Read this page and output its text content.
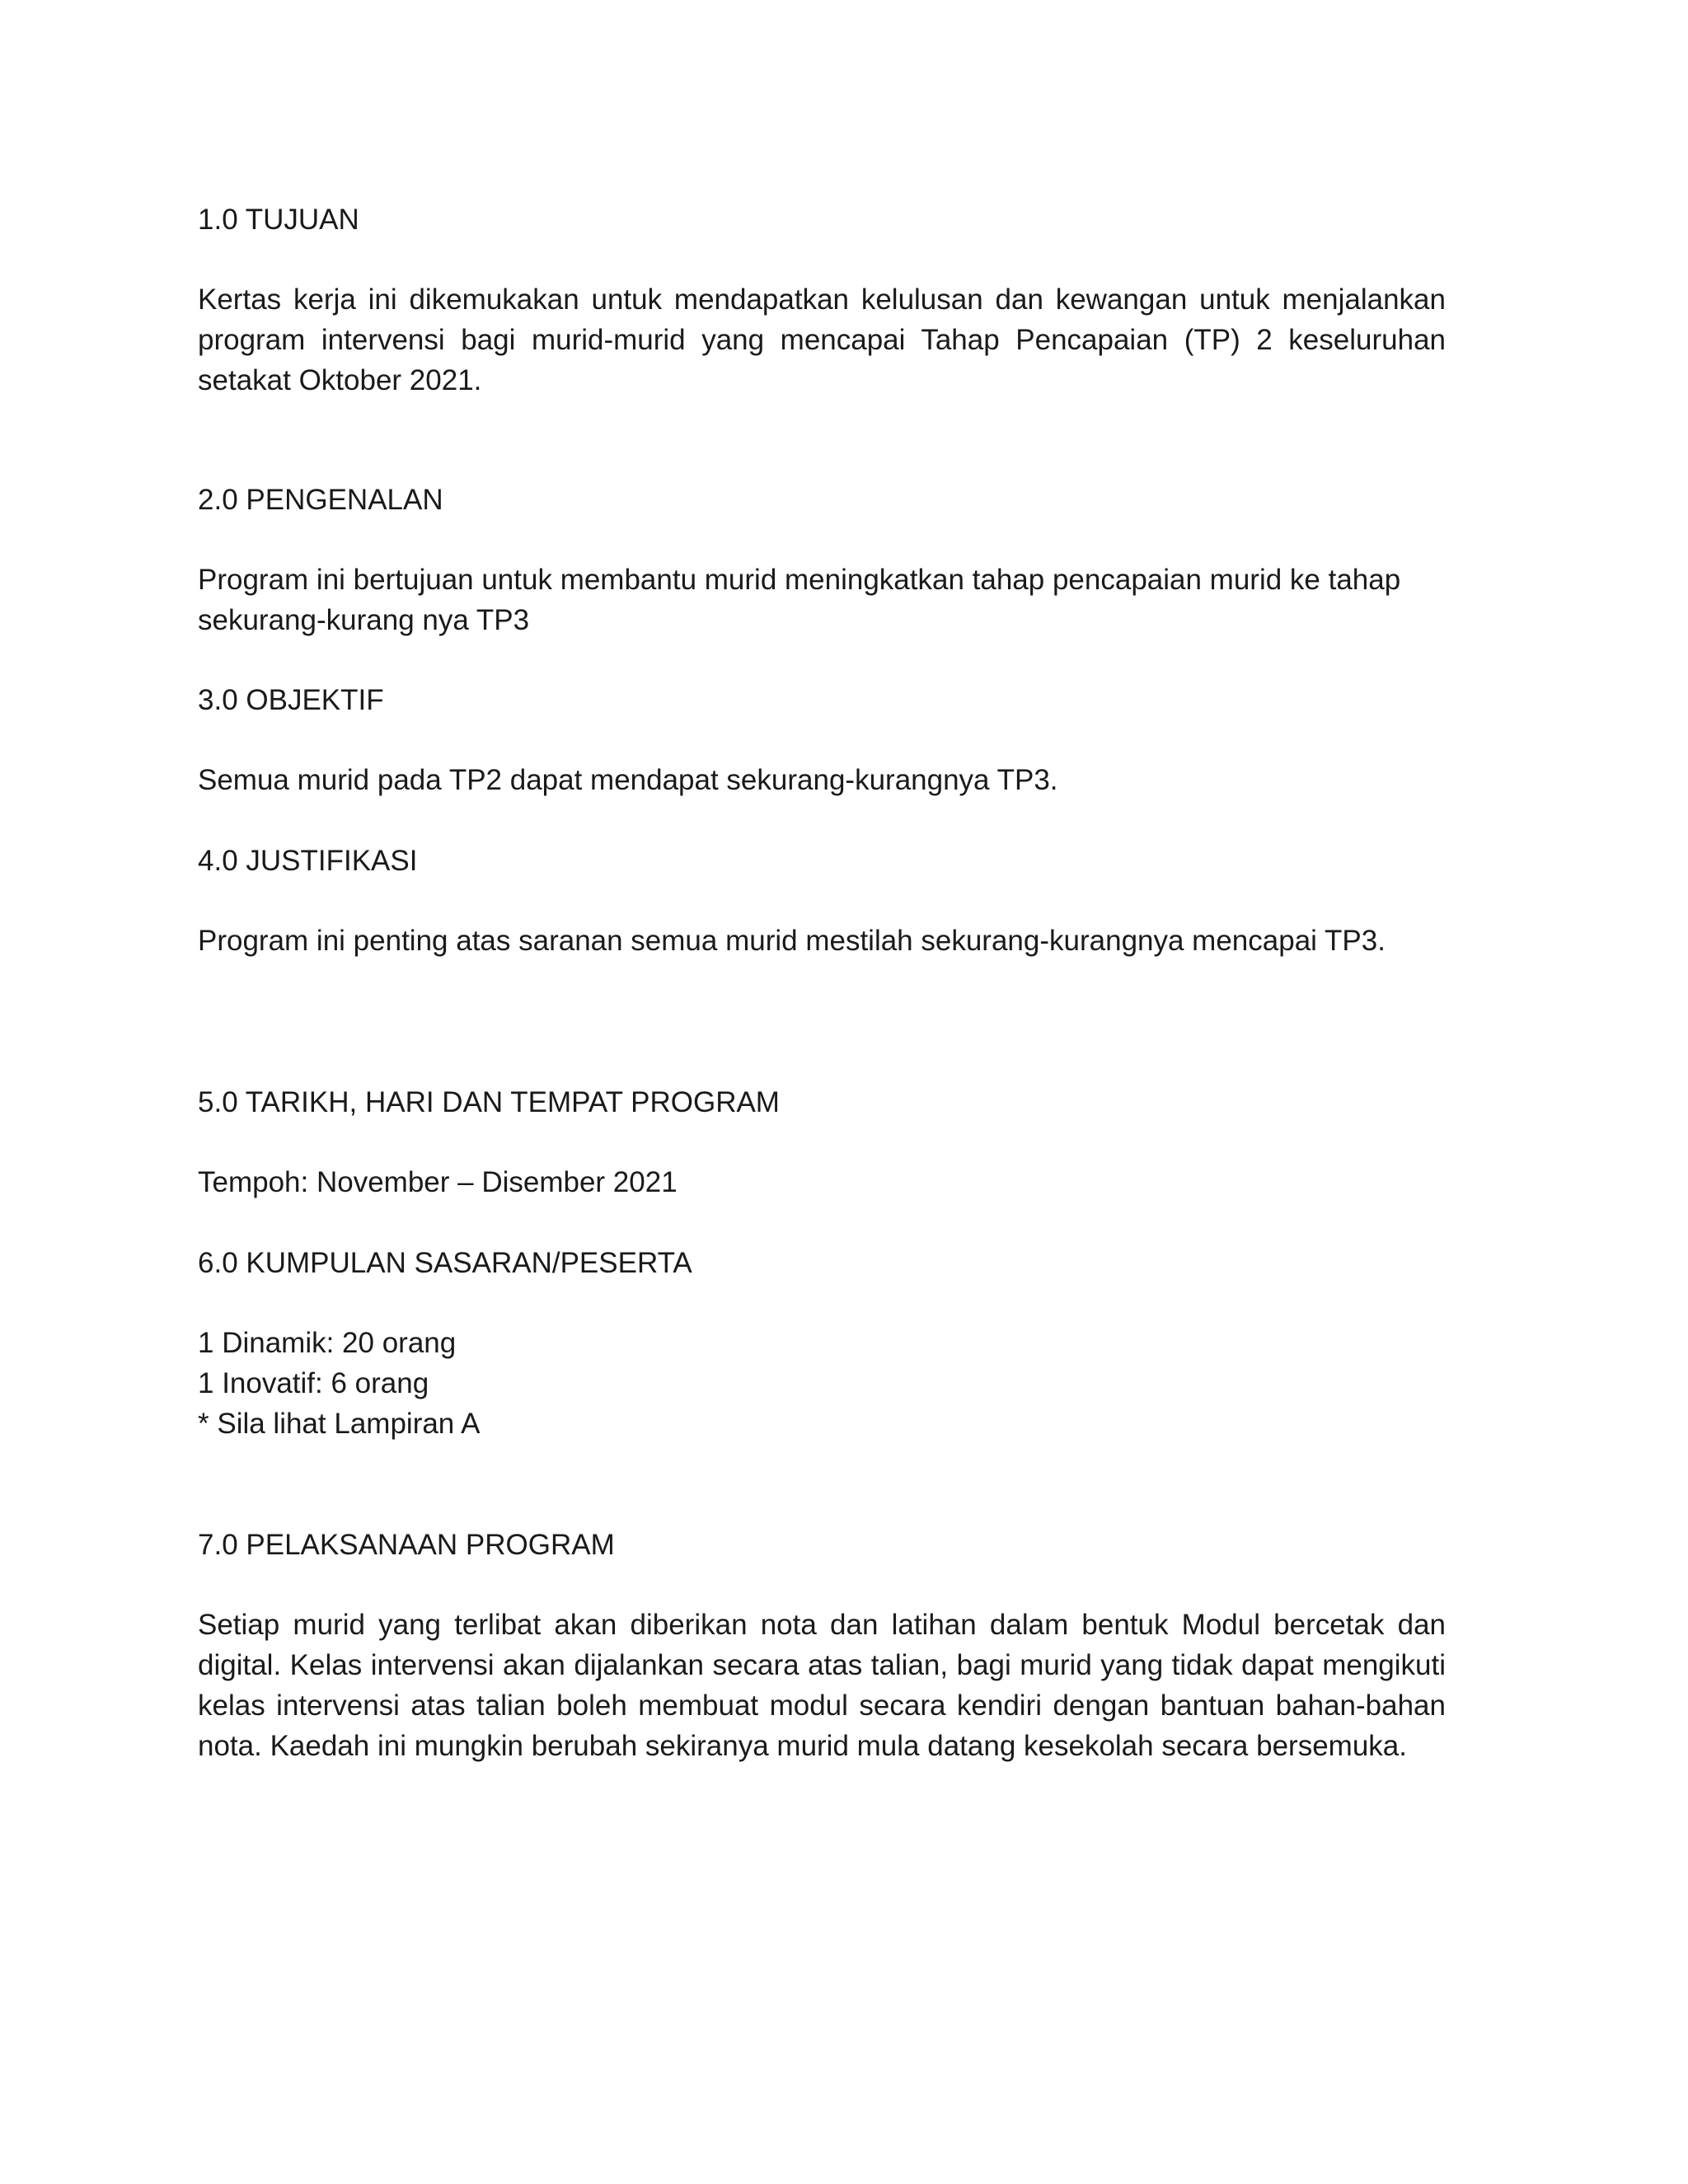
1.0 TUJUAN

Kertas kerja ini dikemukakan untuk mendapatkan kelulusan dan kewangan untuk menjalankan program intervensi bagi murid-murid yang mencapai Tahap Pencapaian (TP) 2 keseluruhan setakat Oktober 2021.

2.0 PENGENALAN

Program ini bertujuan untuk membantu murid meningkatkan tahap pencapaian murid ke tahap sekurang-kurang nya TP3

3.0 OBJEKTIF

Semua murid pada TP2 dapat mendapat sekurang-kurangnya TP3.

4.0 JUSTIFIKASI

Program ini penting atas saranan semua murid mestilah sekurang-kurangnya mencapai TP3.

5.0 TARIKH, HARI DAN TEMPAT PROGRAM

Tempoh: November – Disember 2021

6.0 KUMPULAN SASARAN/PESERTA
1 Dinamik: 20 orang
1 Inovatif: 6 orang
* Sila lihat Lampiran A
7.0 PELAKSANAAN PROGRAM

Setiap murid yang terlibat akan diberikan nota dan latihan dalam bentuk Modul bercetak dan digital. Kelas intervensi akan dijalankan secara atas talian, bagi murid yang tidak dapat mengikuti kelas intervensi atas talian boleh membuat modul secara kendiri dengan bantuan bahan-bahan nota. Kaedah ini mungkin berubah sekiranya murid mula datang kesekolah secara bersemuka.
